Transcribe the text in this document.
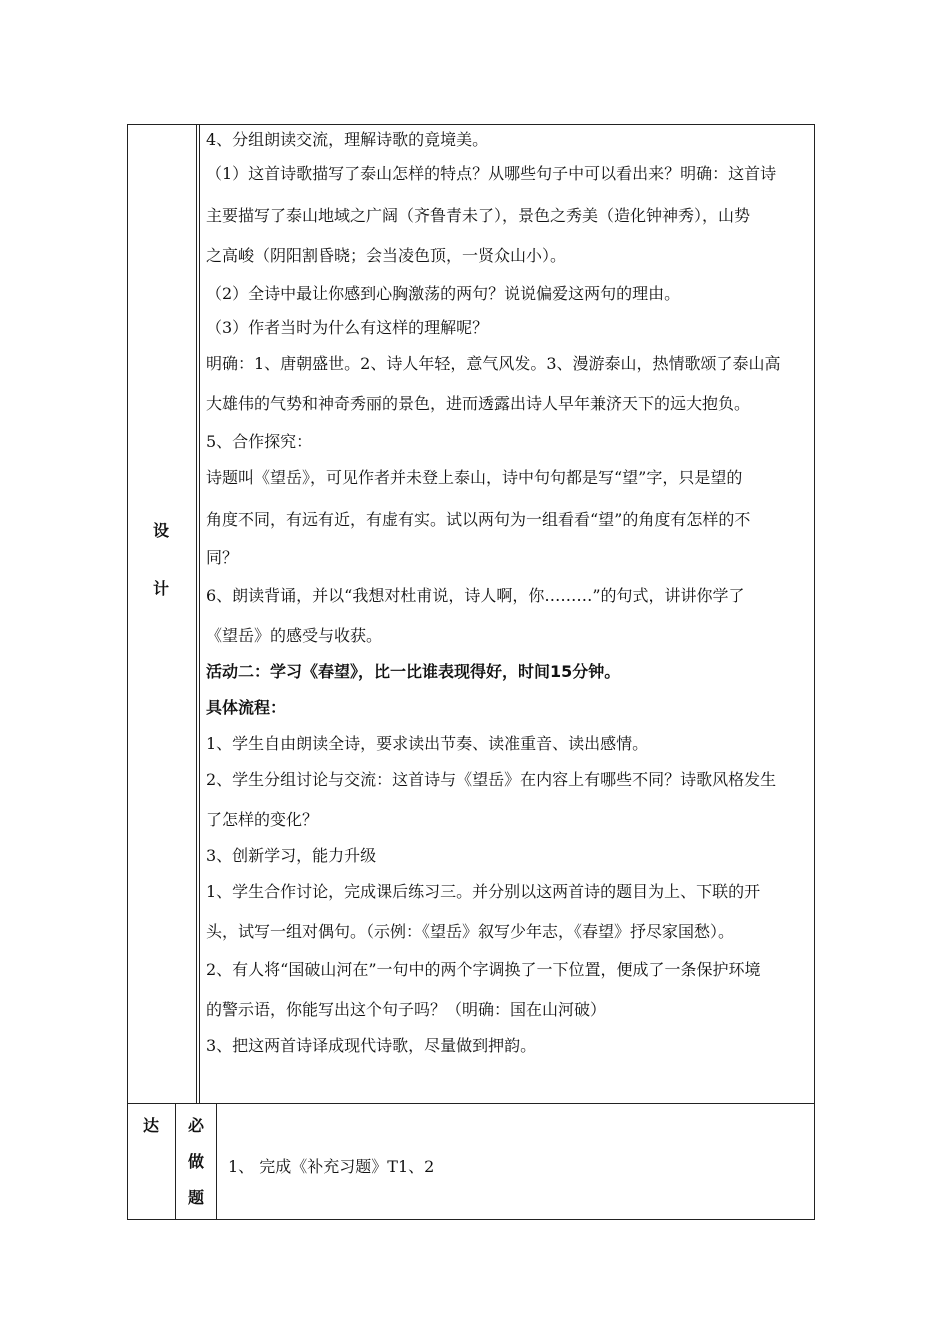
设
计
4、分组朗读交流，理解诗歌的竟境美。
（1）这首诗歌描写了泰山怎样的特点？从哪些句子中可以看出来？明确：这首诗
主要描写了泰山地域之广阔（齐鲁青未了），景色之秀美（造化钟神秀），山势
之高峻（阴阳割昏晓；会当凌色顶，一贤众山小）。
（2）全诗中最让你感到心胸激荡的两句？说说偏爱这两句的理由。
（3）作者当时为什么有这样的理解呢？
明确：1、唐朝盛世。2、诗人年轻，意气风发。3、漫游泰山，热情歌颂了泰山高
大雄伟的气势和神奇秀丽的景色，进而透露出诗人早年兼济天下的远大抱负。
5、合作探究：
诗题叫《望岳》，可见作者并未登上泰山，诗中句句都是写“望”字，只是望的
角度不同，有远有近，有虚有实。试以两句为一组看看“望”的角度有怎样的不
同？
6、朗读背诵，并以“我想对杜甫说，诗人啊，你………”的句式，讲讲你学了
《望岳》的感受与收获。
活动二：学习《春望》，比一比谁表现得好，时间15分钟。
具体流程：
1、学生自由朗读全诗，要求读出节奏、读准重音、读出感情。
2、学生分组讨论与交流：这首诗与《望岳》在内容上有哪些不同？诗歌风格发生
了怎样的变化？
3、创新学习，能力升级
1、学生合作讨论，完成课后练习三。并分别以这两首诗的题目为上、下联的开
头，试写一组对偶句。（示例：《望岳》叙写少年志，《春望》抒尽家国愁）。
2、有人将“国破山河在”一句中的两个字调换了一下位置，便成了一条保护环境
的警示语，你能写出这个句子吗？（明确：国在山河破）
3、把这两首诗译成现代诗歌，尽量做到押韵。
达 必
做
题
1、 完成《补充习题》T1、2
